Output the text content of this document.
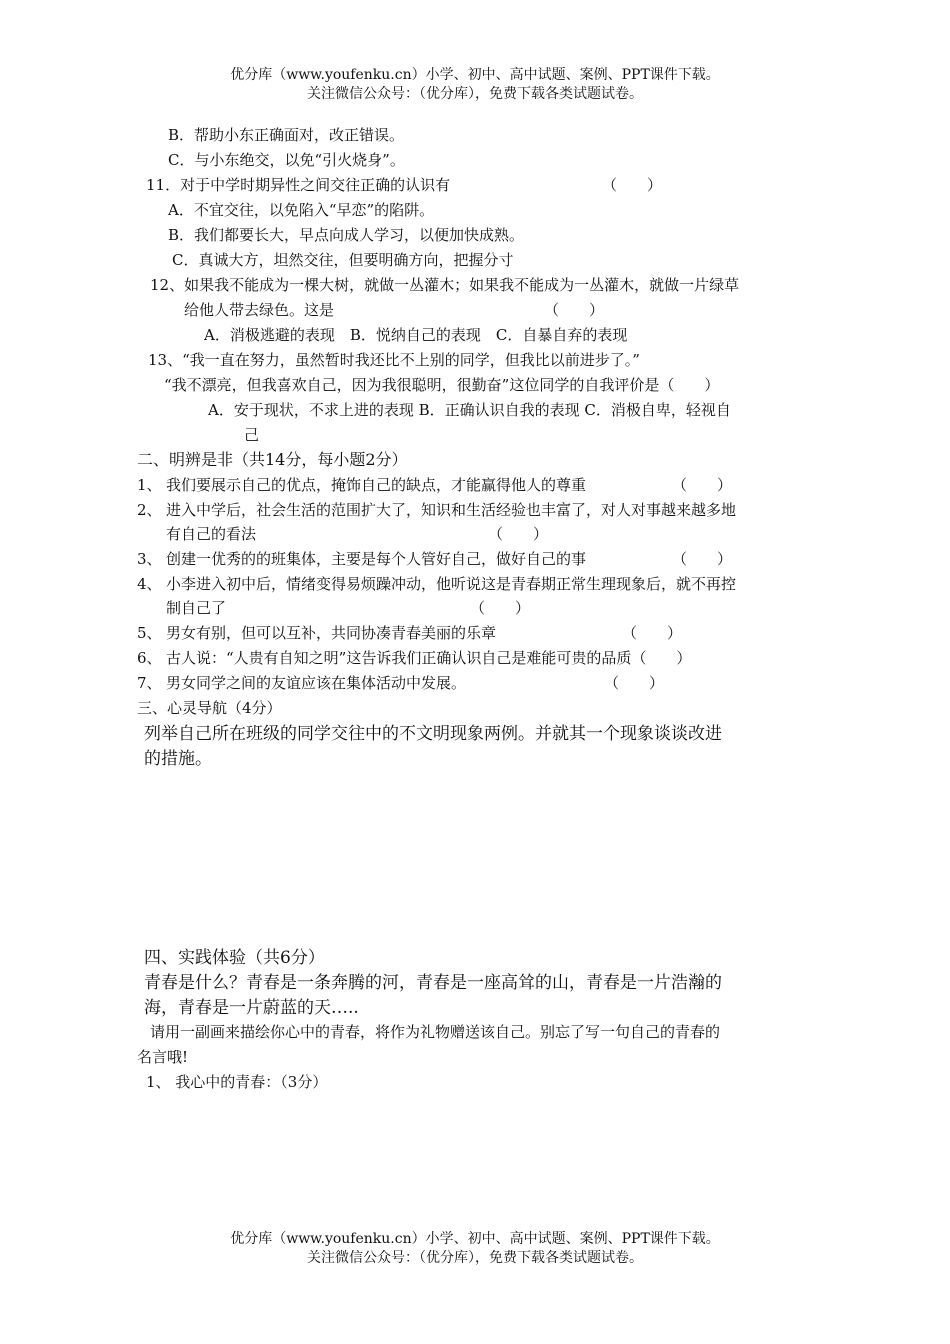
优分库（www.youfenku.cn）小学、初中、高中试题、案例、PPT课件下载。
关注微信公众号：（优分库），免费下载各类试题试卷。
B．帮助小东正确面对，改正错误。
C．与小东绝交，以免“引火烧身”。
11．对于中学时期异性之间交往正确的认识有	（　　）
A．不宜交往，以免陷入“早恋”的陷阱。
B．我们都要长大，早点向成人学习，以便加快成熟。
C．真诚大方，坦然交往，但要明确方向，把握分寸
12、如果我不能成为一棵大树，就做一丛灌木；如果我不能成为一丛灌木，就做一片绿草
给他人带去绿色。这是	（　　）
A．消极逃避的表现　B．悦纳自己的表现　C．自暴自弃的表现
13、“我一直在努力，虽然暂时我还比不上别的同学，但我比以前进步了。”
“我不漂亮，但我喜欢自己，因为我很聪明，很勤奋”这位同学的自我评价是（　　）
A．安于现状，不求上进的表现 B．正确认识自我的表现 C．消极自卑，轻视自
己
二、明辨是非（共14分，每小题2分）
1、 我们要展示自己的优点，掩饰自己的缺点，才能赢得他人的尊重	（　　）
2、 进入中学后，社会生活的范围扩大了，知识和生活经验也丰富了，对人对事越来越多地
有自己的看法	（　　）
3、 创建一优秀的的班集体，主要是每个人管好自己，做好自己的事	（　　）
4、 小李进入初中后，情绪变得易烦躁冲动，他听说这是青春期正常生理现象后，就不再控
制自己了	（　　）
5、 男女有别，但可以互补，共同协凑青春美丽的乐章	（　　）
6、 古人说：“人贵有自知之明”这告诉我们正确认识自己是难能可贵的品质（　　）
7、 男女同学之间的友谊应该在集体活动中发展。	（　　）
三、心灵导航（4分）
列举自己所在班级的同学交往中的不文明现象两例。并就其一个现象谈谈改进
的措施。
四、实践体验（共6分）
青春是什么？青春是一条奔腾的河，青春是一座高耸的山，青春是一片浩瀚的
海，青春是一片蔚蓝的天…..
请用一副画来描绘你心中的青春，将作为礼物赠送该自己。别忘了写一句自己的青春的
名言哦!
1、 我心中的青春：（3分）
优分库（www.youfenku.cn）小学、初中、高中试题、案例、PPT课件下载。
关注微信公众号：（优分库），免费下载各类试题试卷。
